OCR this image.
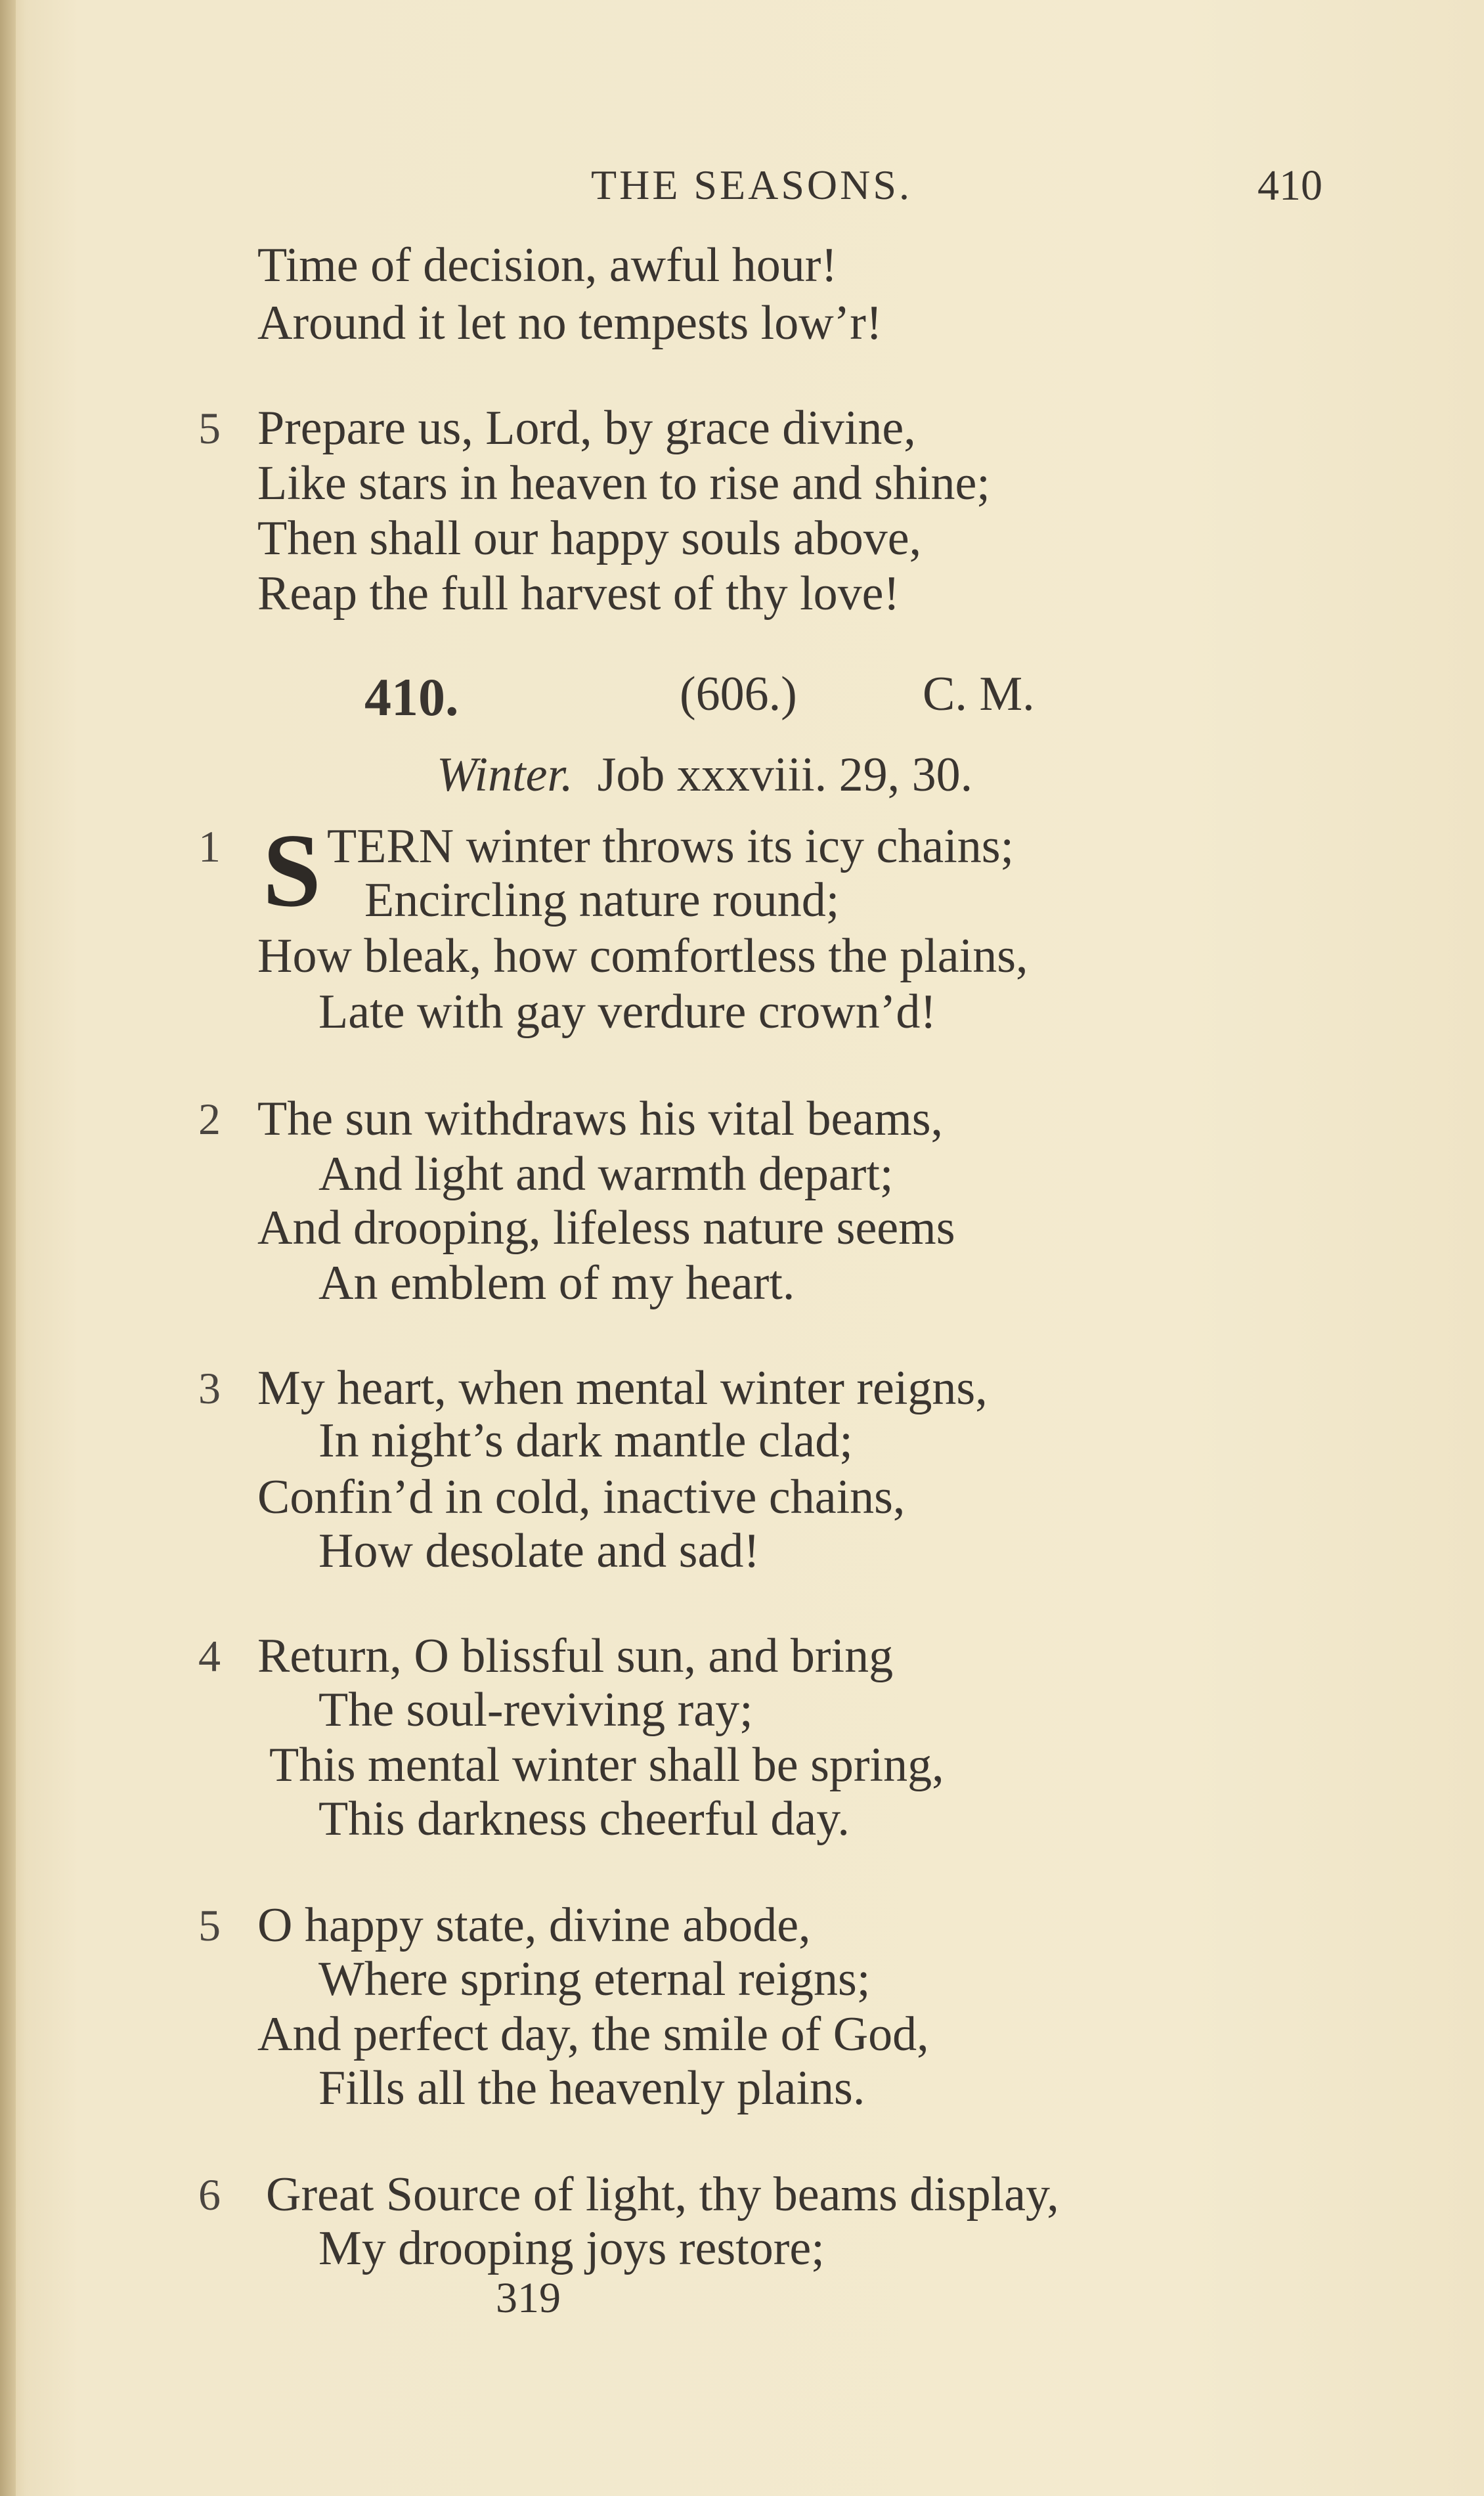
THE SEASONS.	410
Time of decision, awful hour!
Around it let no tempests low’r!
5 Prepare us, Lord, by grace divine,
Like stars in heaven to rise and shine;
Then shall our happy souls above,
Reap the full harvest of thy love!
410.	(606.)	C. M.
Winter. Job xxxviii. 29, 30.
1 S TERN winter throws its icy chains;
Encircling nature round;
How bleak, how comfortless the plains,
Late with gay verdure crown’d!
2 The sun withdraws his vital beams,
And light and warmth depart;
And drooping, lifeless nature seems
An emblem of my heart.
3 My heart, when mental winter reigns,
In night’s dark mantle clad;
Confin’d in cold, inactive chains,
How desolate and sad!
4 Return, O blissful sun, and bring
The soul-reviving ray;
This mental winter shall be spring,
This darkness cheerful day.
5 O happy state, divine abode,
Where spring eternal reigns;
And perfect day, the smile of God,
Fills all the heavenly plains.
6 Great Source of light, thy beams display,
My drooping joys restore;
319
